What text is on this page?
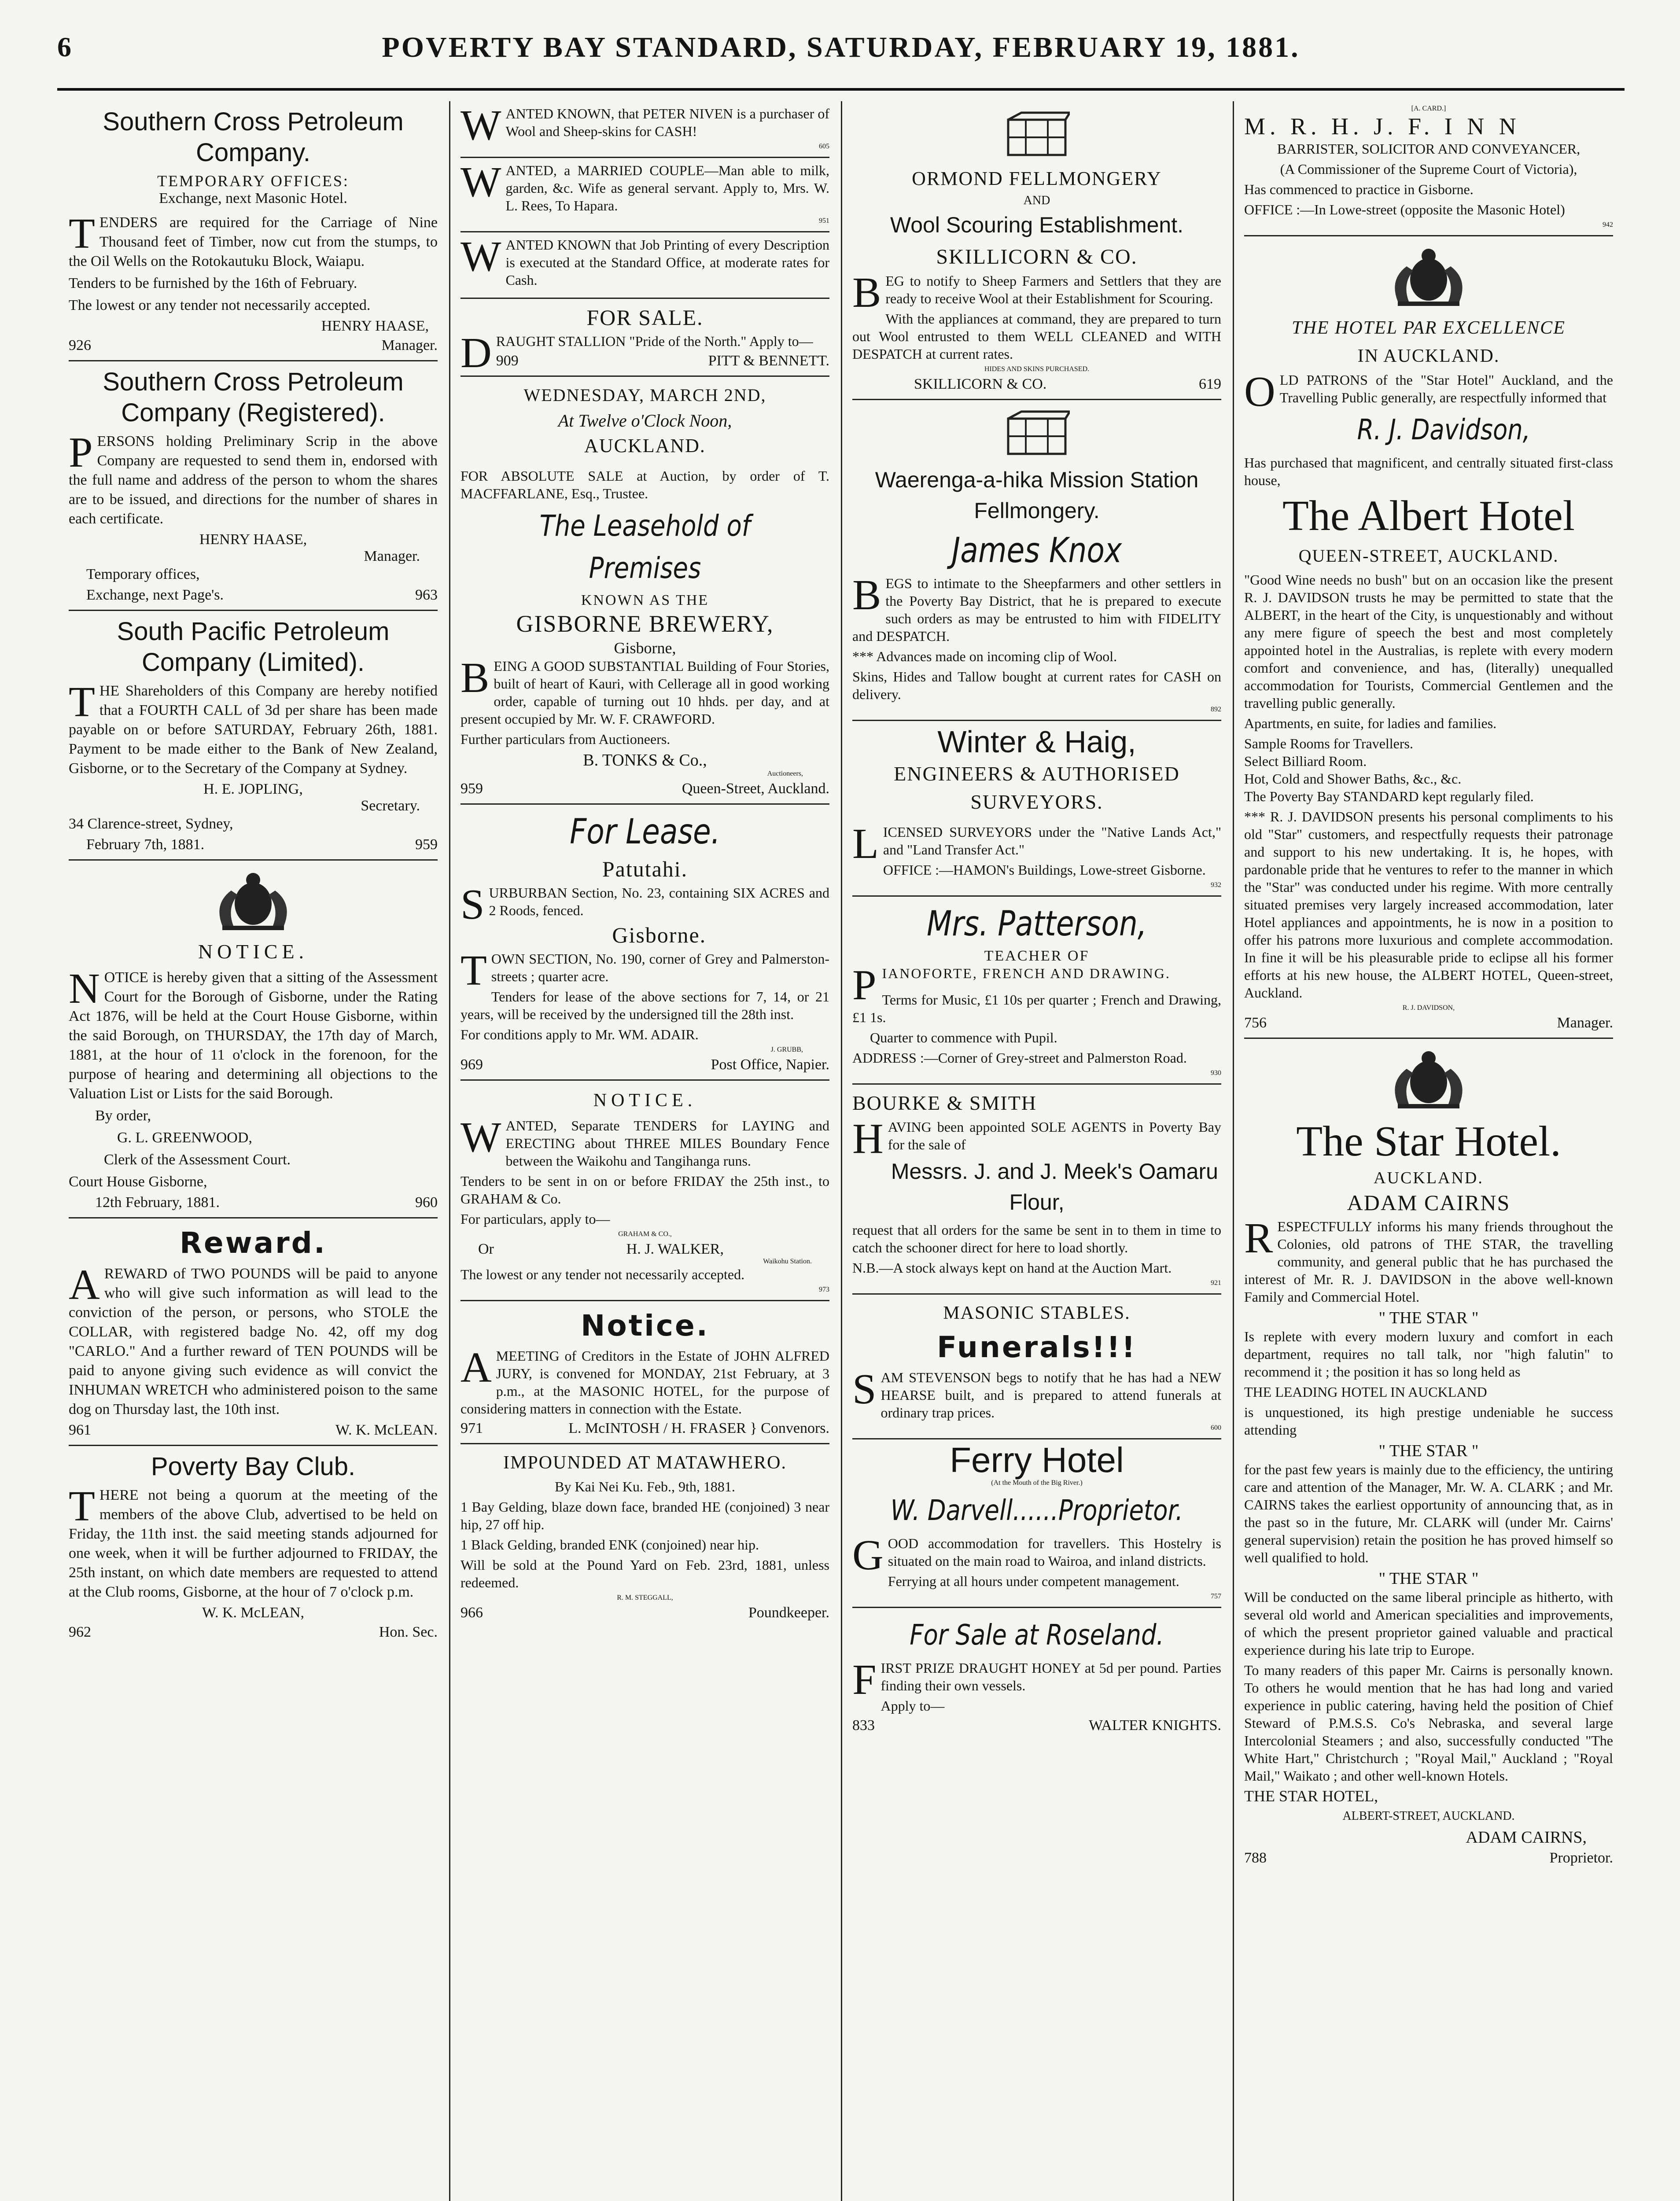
6	POVERTY BAY STANDARD, SATURDAY, FEBRUARY 19, 1881.
Southern Cross Petroleum Company.
TEMPORARY OFFICES:
Exchange, next Masonic Hotel.

TENDERS are required for the Carriage of Nine Thousand feet of Timber, now cut from the stumps, to the Oil Wells on the Rotokautuku Block, Waiapu.

Tenders to be furnished by the 16th of February.

The lowest or any tender not necessarily accepted.

HENRY HAASE,
926	Manager.
Southern Cross Petroleum Company (Registered).

PERSONS holding Preliminary Scrip in the above Company are requested to send them in, endorsed with the full name and address of the person to whom the shares are to be issued, and directions for the number of shares in each certificate.

HENRY HAASE,
Manager.

Temporary offices,

Exchange, next Page's.	963
South Pacific Petroleum Company (Limited).

THE Shareholders of this Company are hereby notified that a FOURTH CALL of 3d per share has been made payable on or before SATURDAY, February 26th, 1881. Payment to be made either to the Bank of New Zealand, Gisborne, or to the Secretary of the Company at Sydney.

H. E. JOPLING,
Secretary.

34 Clarence-street, Sydney,

February 7th, 1881.	959
NOTICE.

NOTICE is hereby given that a sitting of the Assessment Court for the Borough of Gisborne, under the Rating Act 1876, will be held at the Court House Gisborne, within the said Borough, on THURSDAY, the 17th day of March, 1881, at the hour of 11 o'clock in the forenoon, for the purpose of hearing and determining all objections to the Valuation List or Lists for the said Borough.

By order,

G. L. GREENWOOD,

Clerk of the Assessment Court.

Court House Gisborne,

12th February, 1881.	960
Reward.

AREWARD of TWO POUNDS will be paid to anyone who will give such information as will lead to the conviction of the person, or persons, who STOLE the COLLAR, with registered badge No. 42, off my dog "CARLO." And a further reward of TEN POUNDS will be paid to anyone giving such evidence as will convict the INHUMAN WRETCH who administered poison to the same dog on Thursday last, the 10th inst.

961	W. K. McLEAN.
Poverty Bay Club.

THERE not being a quorum at the meeting of the members of the above Club, advertised to be held on Friday, the 11th inst. the said meeting stands adjourned for one week, when it will be further adjourned to FRIDAY, the 25th instant, on which date members are requested to attend at the Club rooms, Gisborne, at the hour of 7 o'clock p.m.

W. K. McLEAN,
962	Hon. Sec.

WANTED KNOWN, that PETER NIVEN is a purchaser of Wool and Sheep-skins for CASH!

605

WANTED, a MARRIED COUPLE—Man able to milk, garden, &c. Wife as general servant. Apply to, Mrs. W. L. Rees, To Hapara.

951

WANTED KNOWN that Job Printing of every Description is executed at the Standard Office, at moderate rates for Cash.

FOR SALE.

DRAUGHT STALLION "Pride of the North." Apply to—

909	PITT & BENNETT.
WEDNESDAY, MARCH 2ND,
At Twelve o'Clock Noon,
AUCKLAND.

FOR ABSOLUTE SALE at Auction, by order of T. MACFFARLANE, Esq., Trustee.

The Leasehold of Premises
KNOWN AS THE
GISBORNE BREWERY,
Gisborne,

BEING A GOOD SUBSTANTIAL Building of Four Stories, built of heart of Kauri, with Cellerage all in good working order, capable of turning out 10 hhds. per day, and at present occupied by Mr. W. F. CRAWFORD.

Further particulars from Auctioneers.

B. TONKS & Co.,
Auctioneers,
959	Queen-Street, Auckland.
For Lease.
Patutahi.

SURBURBAN Section, No. 23, containing SIX ACRES and 2 Roods, fenced.

Gisborne.

TOWN SECTION, No. 190, corner of Grey and Palmerston-streets ; quarter acre.

Tenders for lease of the above sections for 7, 14, or 21 years, will be received by the undersigned till the 28th inst.

For conditions apply to Mr. WM. ADAIR.

J. GRUBB,
969	Post Office, Napier.
NOTICE.

WANTED, Separate TENDERS for LAYING and ERECTING about THREE MILES Boundary Fence between the Waikohu and Tangihanga runs.

Tenders to be sent in on or before FRIDAY the 25th inst., to GRAHAM & Co.

For particulars, apply to—

GRAHAM & CO.,
Or	H. J. WALKER,
Waikohu Station.

The lowest or any tender not necessarily accepted.

973
Notice.

AMEETING of Creditors in the Estate of JOHN ALFRED JURY, is convened for MONDAY, 21st February, at 3 p.m., at the MASONIC HOTEL, for the purpose of considering matters in connection with the Estate.

971	L. McINTOSH / H. FRASER } Convenors.
IMPOUNDED AT MATAWHERO.

By Kai Nei Ku. Feb., 9th, 1881.

1 Bay Gelding, blaze down face, branded HE (conjoined) 3 near hip, 27 off hip.

1 Black Gelding, branded ENK (conjoined) near hip.

Will be sold at the Pound Yard on Feb. 23rd, 1881, unless redeemed.

R. M. STEGGALL,
966	Poundkeeper.
ORMOND FELLMONGERY
AND
Wool Scouring Establishment.
SKILLICORN & CO.

BEG to notify to Sheep Farmers and Settlers that they are ready to receive Wool at their Establishment for Scouring.

With the appliances at command, they are prepared to turn out Wool entrusted to them WELL CLEANED and WITH DESPATCH at current rates.

HIDES AND SKINS PURCHASED.
SKILLICORN & CO.	619
Waerenga-a-hika Mission Station Fellmongery.
James Knox

BEGS to intimate to the Sheepfarmers and other settlers in the Poverty Bay District, that he is prepared to execute such orders as may be entrusted to him with FIDELITY and DESPATCH.

*** Advances made on incoming clip of Wool.

Skins, Hides and Tallow bought at current rates for CASH on delivery.

892
Winter & Haig,
ENGINEERS & AUTHORISED
SURVEYORS.

LICENSED SURVEYORS under the "Native Lands Act," and "Land Transfer Act."

OFFICE :—HAMON's Buildings, Lowe-street Gisborne.

932
Mrs. Patterson,
TEACHER OF

PIANOFORTE, FRENCH AND DRAWING.

Terms for Music, £1 10s per quarter ; French and Drawing, £1 1s.

Quarter to commence with Pupil.

ADDRESS :—Corner of Grey-street and Palmerston Road.

930
BOURKE & SMITH

HAVING been appointed SOLE AGENTS in Poverty Bay for the sale of

Messrs. J. and J. Meek's Oamaru Flour,

request that all orders for the same be sent in to them in time to catch the schooner direct for here to load shortly.

N.B.—A stock always kept on hand at the Auction Mart.

921
MASONIC STABLES.
Funerals!!!

SAM STEVENSON begs to notify that he has had a NEW HEARSE built, and is prepared to attend funerals at ordinary trap prices.

600
Ferry Hotel
(At the Mouth of the Big River.)
W. Darvell......Proprietor.

GOOD accommodation for travellers. This Hostelry is situated on the main road to Wairoa, and inland districts.

Ferrying at all hours under competent management.

757
For Sale at Roseland.

FIRST PRIZE DRAUGHT HONEY at 5d per pound. Parties finding their own vessels.

Apply to—

833	WALTER KNIGHTS.
[A. CARD.]
M. R. H. J. F. I N N

BARRISTER, SOLICITOR AND CONVEYANCER,

(A Commissioner of the Supreme Court of Victoria),

Has commenced to practice in Gisborne.

OFFICE :—In Lowe-street (opposite the Masonic Hotel)

942
THE HOTEL PAR EXCELLENCE
IN AUCKLAND.

OLD PATRONS of the "Star Hotel" Auckland, and the Travelling Public generally, are respectfully informed that

R. J. Davidson,

Has purchased that magnificent, and centrally situated first-class house,

The Albert Hotel
QUEEN-STREET, AUCKLAND.

"Good Wine needs no bush" but on an occasion like the present R. J. DAVIDSON trusts he may be permitted to state that the ALBERT, in the heart of the City, is unquestionably and without any mere figure of speech the best and most completely appointed hotel in the Australias, is replete with every modern comfort and convenience, and has, (literally) unequalled accommodation for Tourists, Commercial Gentlemen and the travelling public generally.

Apartments, en suite, for ladies and families.

Sample Rooms for Travellers.

Select Billiard Room.

Hot, Cold and Shower Baths, &c., &c.

The Poverty Bay STANDARD kept regularly filed.

*** R. J. DAVIDSON presents his personal compliments to his old "Star" customers, and respectfully requests their patronage and support to his new undertaking. It is, he hopes, with pardonable pride that he ventures to refer to the manner in which the "Star" was conducted under his regime. With more centrally situated premises very largely increased accommodation, later Hotel appliances and appointments, he is now in a position to offer his patrons more luxurious and complete accommodation. In fine it will be his pleasurable pride to eclipse all his former efforts at his new house, the ALBERT HOTEL, Queen-street, Auckland.

R. J. DAVIDSON,
756	Manager.
The Star Hotel.
AUCKLAND.
ADAM CAIRNS

RESPECTFULLY informs his many friends throughout the Colonies, old patrons of THE STAR, the travelling community, and general public that he has purchased the interest of Mr. R. J. DAVIDSON in the above well-known Family and Commercial Hotel.

" THE STAR "

Is replete with every modern luxury and comfort in each department, requires no tall talk, nor "high falutin" to recommend it ; the position it has so long held as

THE LEADING HOTEL IN AUCKLAND

is unquestioned, its high prestige undeniable he success attending

" THE STAR "

for the past few years is mainly due to the efficiency, the untiring care and attention of the Manager, Mr. W. A. CLARK ; and Mr. CAIRNS takes the earliest opportunity of announcing that, as in the past so in the future, Mr. CLARK will (under Mr. Cairns' general supervision) retain the position he has proved himself so well qualified to hold.

" THE STAR "

Will be conducted on the same liberal principle as hitherto, with several old world and American specialities and improvements, of which the present proprietor gained valuable and practical experience during his late trip to Europe.

To many readers of this paper Mr. Cairns is personally known. To others he would mention that he has had long and varied experience in public catering, having held the position of Chief Steward of P.M.S.S. Co's Nebraska, and several large Intercolonial Steamers ; and also, successfully conducted "The White Hart," Christchurch ; "Royal Mail," Auckland ; "Royal Mail," Waikato ; and other well-known Hotels.

THE STAR HOTEL,

ALBERT-STREET, AUCKLAND.

ADAM CAIRNS,
788	Proprietor.
